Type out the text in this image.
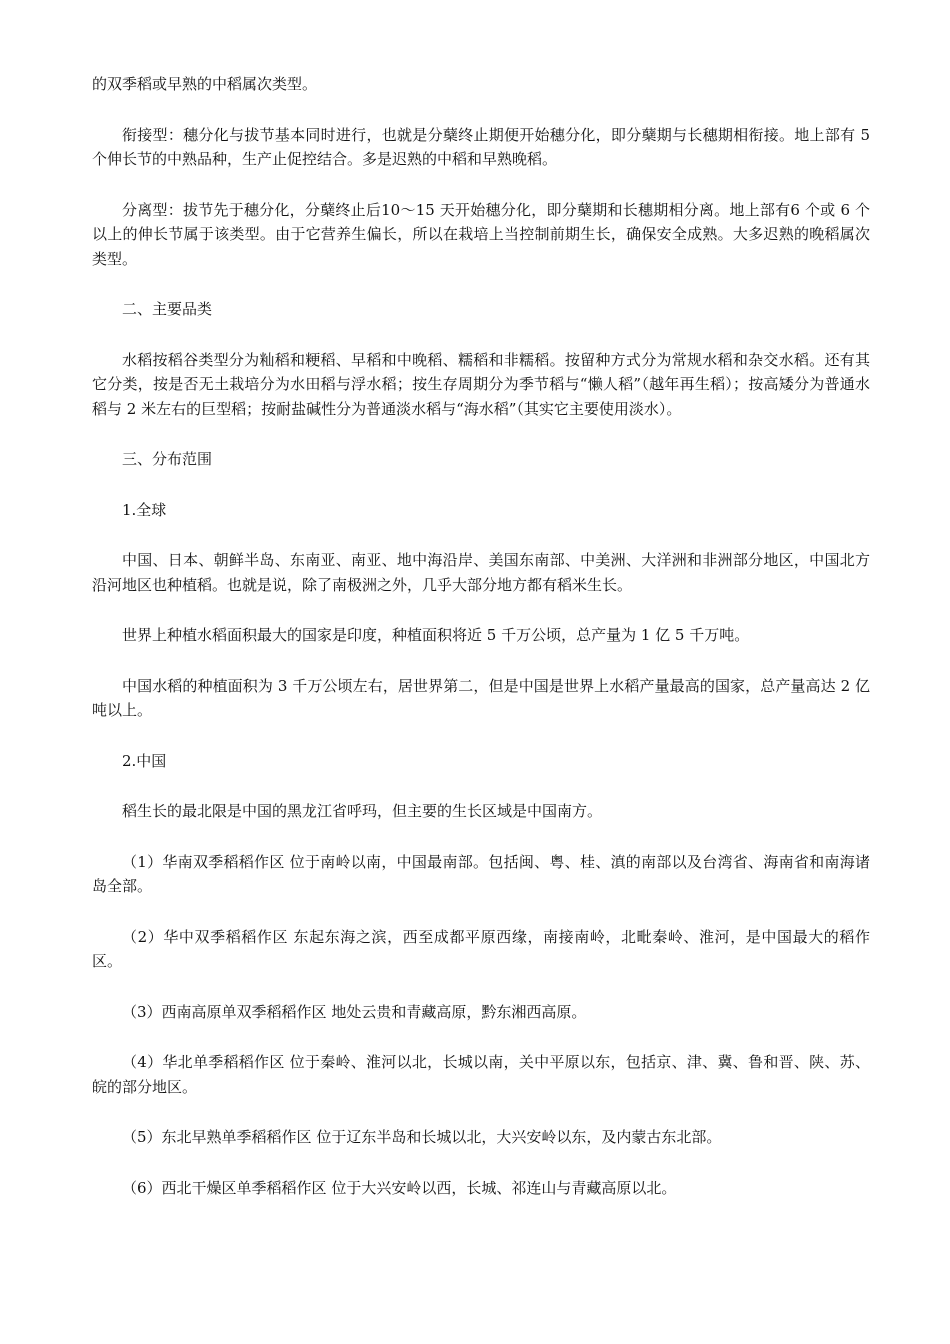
的双季稻或早熟的中稻属次类型。

衔接型：穗分化与拔节基本同时进行，也就是分蘖终止期便开始穗分化，即分蘖期与长穗期相衔接。地上部有 5 个伸长节的中熟品种，生产止促控结合。多是迟熟的中稻和早熟晚稻。

分离型：拔节先于穗分化，分蘖终止后10～15 天开始穗分化，即分蘖期和长穗期相分离。地上部有6 个或 6 个以上的伸长节属于该类型。由于它营养生偏长，所以在栽培上当控制前期生长，确保安全成熟。大多迟熟的晚稻属次类型。

二、主要品类

水稻按稻谷类型分为籼稻和粳稻、早稻和中晚稻、糯稻和非糯稻。按留种方式分为常规水稻和杂交水稻。还有其它分类，按是否无土栽培分为水田稻与浮水稻；按生存周期分为季节稻与“懒人稻”（越年再生稻）；按高矮分为普通水稻与 2 米左右的巨型稻；按耐盐碱性分为普通淡水稻与“海水稻”（其实它主要使用淡水）。

三、分布范围

1.全球

中国、日本、朝鲜半岛、东南亚、南亚、地中海沿岸、美国东南部、中美洲、大洋洲和非洲部分地区，中国北方沿河地区也种植稻。也就是说，除了南极洲之外，几乎大部分地方都有稻米生长。

世界上种植水稻面积最大的国家是印度，种植面积将近 5 千万公顷，总产量为 1 亿 5 千万吨。

中国水稻的种植面积为 3 千万公顷左右，居世界第二，但是中国是世界上水稻产量最高的国家，总产量高达 2 亿吨以上。

2.中国

稻生长的最北限是中国的黑龙江省呼玛，但主要的生长区域是中国南方。

（1）华南双季稻稻作区 位于南岭以南，中国最南部。包括闽、粤、桂、滇的南部以及台湾省、海南省和南海诸岛全部。

（2）华中双季稻稻作区 东起东海之滨，西至成都平原西缘，南接南岭，北毗秦岭、淮河，是中国最大的稻作区。

（3）西南高原单双季稻稻作区 地处云贵和青藏高原，黔东湘西高原。

（4）华北单季稻稻作区 位于秦岭、淮河以北，长城以南，关中平原以东，包括京、津、冀、鲁和晋、陕、苏、皖的部分地区。

（5）东北早熟单季稻稻作区 位于辽东半岛和长城以北，大兴安岭以东，及内蒙古东北部。

（6）西北干燥区单季稻稻作区 位于大兴安岭以西，长城、祁连山与青藏高原以北。
